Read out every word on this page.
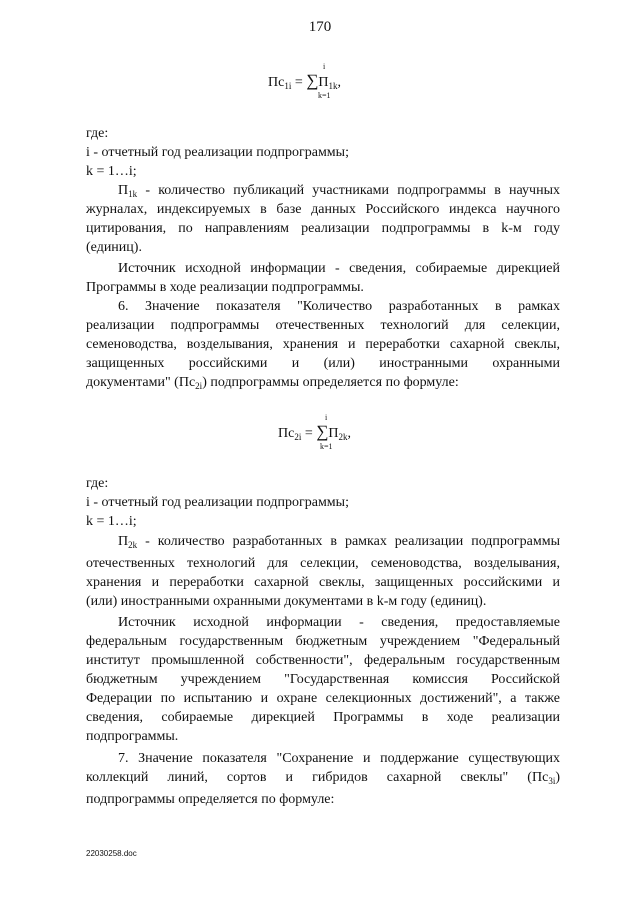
170
i
$Пс_{1i} = \sum П_{1k}$,
k=1
где:
i - отчетный год реализации подпрограммы;
k = 1…i;
$П_{1k}$ - количество публикаций участниками подпрограммы в научных
журналах, индексируемых в базе данных Российского индекса научного
цитирования, по направлениям реализации подпрограммы в k-м году
(единиц).
Источник исходной информации - сведения, собираемые дирекцией
Программы в ходе реализации подпрограммы.
6. Значение показателя "Количество разработанных в рамках
реализации подпрограммы отечественных технологий для селекции,
семеноводства, возделывания, хранения и переработки сахарной свеклы,
защищенных российскими и (или) иностранными охранными
документами" $(Пс_{2i})$ подпрограммы определяется по формуле:
i
$Пс_{2i} = \sum П_{2k}$,
k=1
где:
i - отчетный год реализации подпрограммы;
k = 1…i;
$П_{2k}$ - количество разработанных в рамках реализации подпрограммы
отечественных технологий для селекции, семеноводства, возделывания,
хранения и переработки сахарной свеклы, защищенных российскими и
(или) иностранными охранными документами в k-м году (единиц).
Источник исходной информации - сведения, предоставляемые
федеральным государственным бюджетным учреждением "Федеральный
институт промышленной собственности", федеральным государственным
бюджетным учреждением "Государственная комиссия Российской
Федерации по испытанию и охране селекционных достижений", а также
сведения, собираемые дирекцией Программы в ходе реализации
подпрограммы.
7. Значение показателя "Сохранение и поддержание существующих
коллекций линий, сортов и гибридов сахарной свеклы" $(Пс_{3i})$
подпрограммы определяется по формуле:
22030258.doc
